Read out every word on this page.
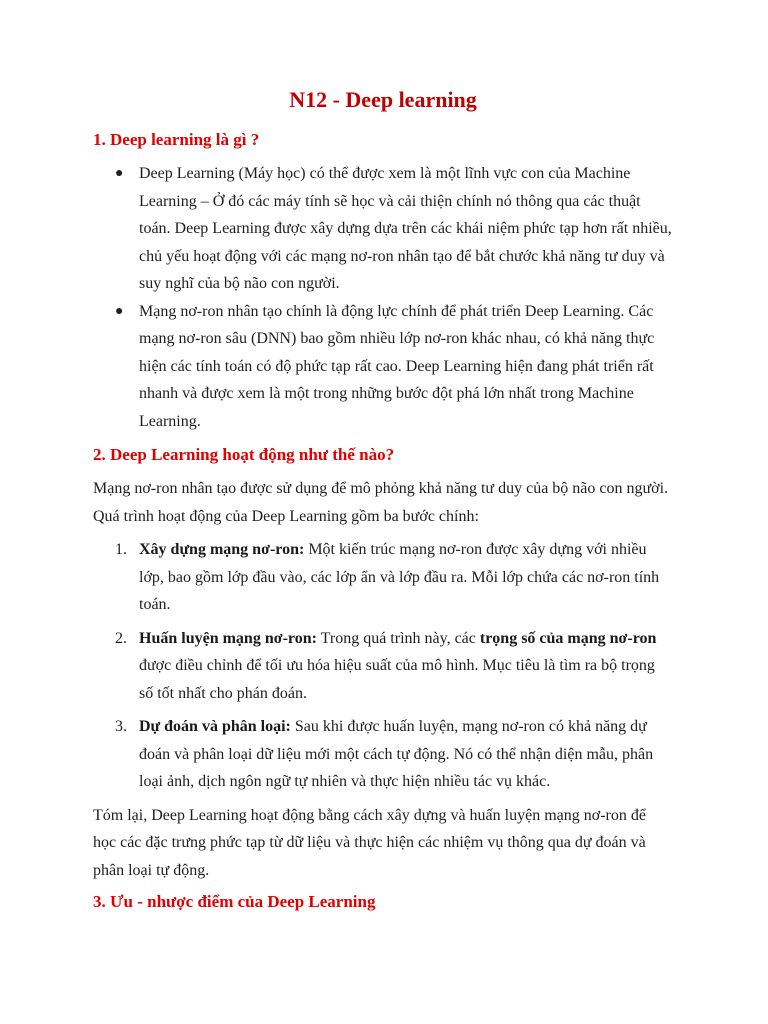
N12 - Deep learning
1. Deep learning là gì ?
● Deep Learning (Máy học) có thể được xem là một lĩnh vực con của Machine Learning – Ở đó các máy tính sẽ học và cải thiện chính nó thông qua các thuật toán. Deep Learning được xây dựng dựa trên các khái niệm phức tạp hơn rất nhiều, chủ yếu hoạt động với các mạng nơ-ron nhân tạo để bắt chước khả năng tư duy và suy nghĩ của bộ não con người.
● Mạng nơ-ron nhân tạo chính là động lực chính để phát triển Deep Learning. Các mạng nơ-ron sâu (DNN) bao gồm nhiều lớp nơ-ron khác nhau, có khả năng thực hiện các tính toán có độ phức tạp rất cao. Deep Learning hiện đang phát triển rất nhanh và được xem là một trong những bước đột phá lớn nhất trong Machine Learning.
2. Deep Learning hoạt động như thế nào?

Mạng nơ-ron nhân tạo được sử dụng để mô phỏng khả năng tư duy của bộ não con người. Quá trình hoạt động của Deep Learning gồm ba bước chính:

1. Xây dựng mạng nơ-ron: Một kiến trúc mạng nơ-ron được xây dựng với nhiều lớp, bao gồm lớp đầu vào, các lớp ẩn và lớp đầu ra. Mỗi lớp chứa các nơ-ron tính toán.
2. Huấn luyện mạng nơ-ron: Trong quá trình này, các trọng số của mạng nơ-ron được điều chỉnh để tối ưu hóa hiệu suất của mô hình. Mục tiêu là tìm ra bộ trọng số tốt nhất cho phán đoán.
3. Dự đoán và phân loại: Sau khi được huấn luyện, mạng nơ-ron có khả năng dự đoán và phân loại dữ liệu mới một cách tự động. Nó có thể nhận diện mẫu, phân loại ảnh, dịch ngôn ngữ tự nhiên và thực hiện nhiều tác vụ khác.

Tóm lại, Deep Learning hoạt động bằng cách xây dựng và huấn luyện mạng nơ-ron để học các đặc trưng phức tạp từ dữ liệu và thực hiện các nhiệm vụ thông qua dự đoán và phân loại tự động.

3. Ưu - nhược điểm của Deep Learning
